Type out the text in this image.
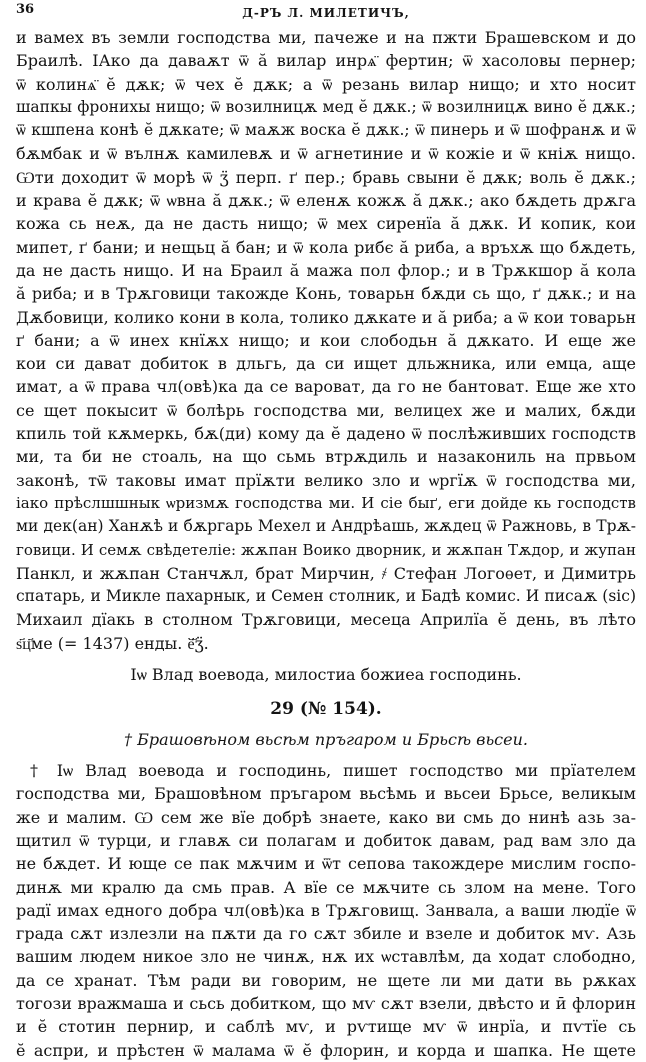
36	Д-РЪ Л. МИЛЕТИЧЪ,

и вамех въ земли господства ми, пачеже и на пжти Брашевском и до
Браилѣ. ІАко да даваѫт ѿ ӑ вилар инрѧ̈ фертин; ѿ хасоловы пернер;
ѿ колинѧ̈ ӗ дѫк; ѿ чех ӗ дѫк; а ѿ резань вилар нищо; и хто носит
шапкы фронихы нищо; ѿ возилницѫ мед ӗ дѫк.; ѿ возилницѫ вино ӗ дѫк.;
ѿ кшпена конѣ ӗ дѫкате; ѿ маѫж воска ӗ дѫк.; ѿ пинерь и ѿ шофранѫ и ѿ
бѫмбак и ѿ вълнѫ камилевѫ и ѿ агнетиние и ѿ кожіе и ѿ кніѫ нищо.
Ѡти доходит ѿ морѣ ѿ ӡ̈ перп. ґ пер.; бравь свыни ӗ дѫк; воль ӗ дѫк.;
и крава ӗ дѫк; ѿ ѡвна ӑ дѫк.; ѿ еленѫ кожѫ ӑ дѫк.; ако бѫдеть дрѫга
кожа сь неѫ, да не дасть нищо; ѿ мех сиренїа ӑ дѫк. И копик, кои
мипет, ґ бани; и нещьц ӑ бан; и ѿ кола рибє ӑ риба, а връхѫ що бѫдеть,
да не дасть нищо. И на Браил ӑ мажа пол флор.; и в Трѫкшор ӑ кола
ӑ риба; и в Трѫговици такожде Конь, товарьн бѫди сь що, ґ дѫк.; и на
Дѫбовици, колико кони в кола, толико дѫкате и ӑ риба; а ѿ кои товарьн
ґ бани; а ѿ инех кнїѫх нищо; и кои слободьн ӑ дѫкато. И еще же
кои си дават добиток в дльгь, да си ищет дльжника, или емца, аще
имат, а ѿ права чл(овѣ)ка да се вароват, да го не бантоват. Еще же хто
се щет покысит ѿ болѣрь господства ми, велицех же и малих, бѫди
кпиль той кѫмеркь, бѫ(ди) кому да ӗ дадено ѿ послѣживших господств
ми, та би не стоаль, на що сьмь втрѫдиль и назакониль на првьом
законѣ, тѿ таковы имат прїѫти велико зло и ѡргїѫ ѿ господства ми,
іако прѣслшшнык ѡризмѫ господства ми. И сіе быґ, еги дойде кь господств
ми дек(ан) Ханѫѣ и бѫргарь Мехел и Андрѣашь, жѫдец ѿ Ражновь, в Трѫ-
говици. И семѫ свѣдетеліе: жѫпан Воико дворник, и жѫпан Тѫдор, и жупан
Панкл, и жѫпан Станчѫл, брат Мирчин, ҂ Стефан Логоѳет, и Димитрь
спатарь, и Микле пахарнык, и Семен столник, и Бадѣ комис. И писаѫ (sic)
Михаил дїакь в столном Трѫговици, месеца Априлїа ӗ день, въ лѣто
ѕ҃ц҃ме (= 1437) енды. ӗ҃ӡ̈.

Іѡ Влад воевода, милостиа божиеа господинь.
29 (№ 154).
† Брашовѣном вьсѣм пръгаром и Брьсѣ вьсеи.

† Іѡ Влад воевода и господинь, пишет господство ми прїателем
господства ми, Брашовѣном пръгаром вьсѣмь и вьсеи Брьсе, великым
же и малим. Ѡ сем же вїе добрѣ знаете, како ви смь до нинѣ азь за-
щитил ѿ турци, и главѫ си полагам и добиток давам, рад вам зло да
не бѫдет. И юще се пак мѫчим и ѿт сепова такождере мислим госпо-
динѫ ми кралю да смь прав. А вїе се мѫчите сь злом на мене. Того
радї имах едного добра чл(овѣ)ка в Трѫговищ. Занвала, а ваши людїе ѿ
града сѫт излезли на пѫти да го сѫт збиле и взеле и добиток мѵ. Азь
вашим людем никое зло не чинѫ, нѫ их ѡставлѣм, да ходат слободно,
да се хранат. Тѣм ради ви говорим, не щете ли ми дати вь рѫках
тогози вражмаша и сьсь добитком, що мѵ сѫт взели, двѣсто и ӣ флорин
и ӗ стотин пернир, и саблѣ мѵ, и рѵтище мѵ ѿ инрїа, и пѵтїе сь
ӗ аспри, и прѣстен ѿ малама ѿ ӗ флорин, и корда и шапка. Не щете
